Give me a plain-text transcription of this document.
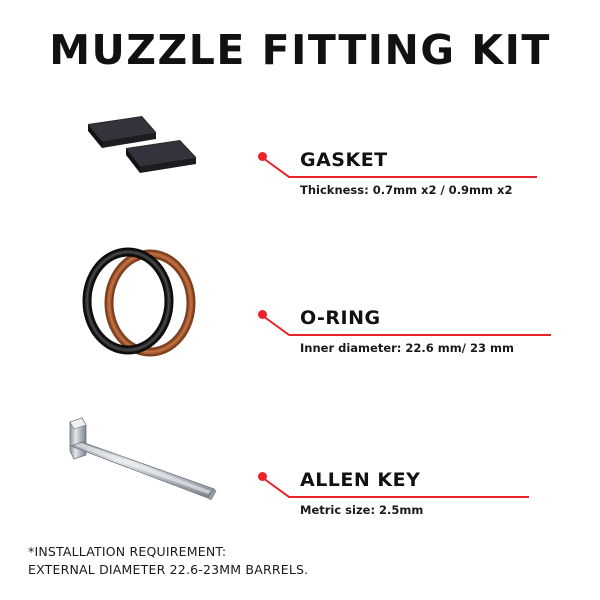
MUZZLE FITTING KIT
GASKET
Thickness: 0.7mm x2 / 0.9mm x2
O-RING
Inner diameter: 22.6 mm/ 23 mm
ALLEN KEY
Metric size: 2.5mm
*INSTALLATION REQUIREMENT:
EXTERNAL DIAMETER 22.6-23MM BARRELS.
